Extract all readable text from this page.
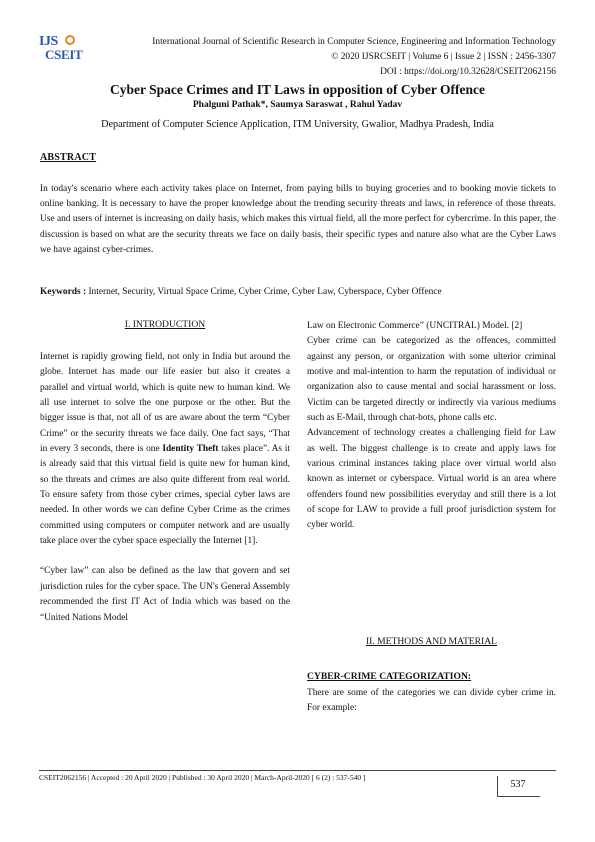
IJS
CSEIT
International Journal of Scientific Research in Computer Science, Engineering and Information Technology
© 2020 IJSRCSEIT | Volume 6 | Issue 2 | ISSN : 2456-3307
DOI : https://doi.org/10.32628/CSEIT2062156
Cyber Space Crimes and IT Laws in opposition of Cyber Offence
Phalguni Pathak*, Saumya Saraswat , Rahul Yadav
Department of Computer Science Application, ITM University, Gwalior, Madhya Pradesh, India
ABSTRACT
In today's scenario where each activity takes place on Internet, from paying bills to buying groceries and to booking movie tickets to online banking. It is necessary to have the proper knowledge about the trending security threats and laws, in reference of those threats. Use and users of internet is increasing on daily basis, which makes this virtual field, all the more perfect for cybercrime. In this paper, the discussion is based on what are the security threats we face on daily basis, their specific types and nature also what are the Cyber Laws we have against cyber-crimes.
Keywords : Internet, Security, Virtual Space Crime, Cyber Crime, Cyber Law, Cyberspace, Cyber Offence
I. INTRODUCTION
Internet is rapidly growing field, not only in India but around the globe. Internet has made our life easier but also it creates a parallel and virtual world, which is quite new to human kind. We all use internet to solve the one purpose or the other. But the bigger issue is that, not all of us are aware about the term “Cyber Crime” or the security threats we face daily. One fact says, “That in every 3 seconds, there is one Identity Theft takes place”. As it is already said that this virtual field is quite new for human kind, so the threats and crimes are also quite different from real world. To ensure safety from those cyber crimes, special cyber laws are needed. In other words we can define Cyber Crime as the crimes committed using computers or computer network and are usually take place over the cyber space especially the Internet [1].
“Cyber law” can also be defined as the law that govern and set jurisdiction rules for the cyber space. The UN's General Assembly recommended the first IT Act of India which was based on the “United Nations Model
Law on Electronic Commerce” (UNCITRAL) Model. [2]
Cyber crime can be categorized as the offences, committed against any person, or organization with some ulterior criminal motive and mal-intention to harm the reputation of individual or organization also to cause mental and social harassment or loss. Victim can be targeted directly or indirectly via various mediums such as E-Mail, through chat-bots, phone calls etc.
Advancement of technology creates a challenging field for Law as well. The biggest challenge is to create and apply laws for various criminal instances taking place over virtual world also known as internet or cyberspace. Virtual world is an area where offenders found new possibilities everyday and still there is a lot of scope for LAW to provide a full proof jurisdiction system for cyber world.
II. METHODS AND MATERIAL
CYBER-CRIME CATEGORIZATION:
There are some of the categories we can divide cyber crime in. For example:
CSEIT2062156 | Accepted : 20 April 2020 | Published : 30 April 2020 | March-April-2020 [ 6 (2) : 537-540 ]
537
